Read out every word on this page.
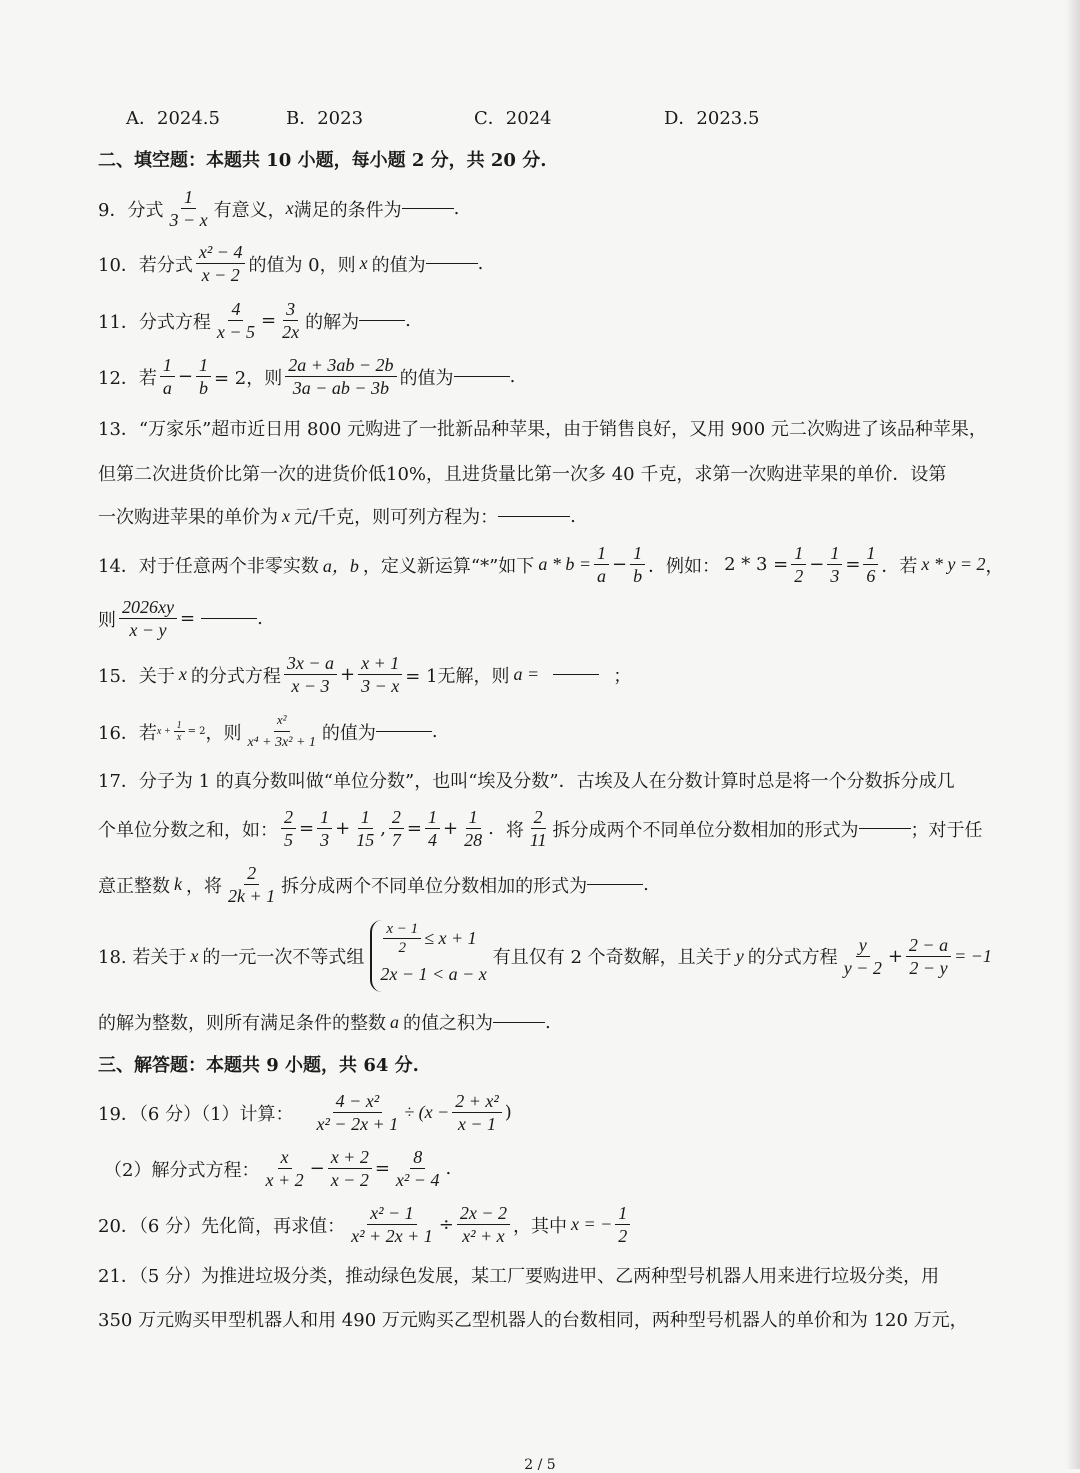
A．2024.5	B．2023	C．2024	D．2023.5
二、填空题：本题共 10 小题，每小题 2 分，共 20 分.
9．分式 $\frac{1}{3 - x}$ 有意义， x 满足的条件为	.
10．若分式 $\frac{\text{x² − 4}}{x - 2}$ 的值为 0，则 x 的值为	.
11．分式方程 $\frac{4}{x - 5} = \frac{3}{2x}$ 的解为	.
12．若 $\frac{1}{a} - \frac{1}{b} = 2$，则 $\frac{2a + 3ab - 2b}{3a - ab - 3b}$ 的值为	.
13．“万家乐”超市近日用 800 元购进了一批新品种苹果，由于销售良好，又用 900 元二次购进了该品种苹果，
但第二次进货价比第一次的进货价低10%，且进货量比第一次多 40 千克，求第一次购进苹果的单价．设第
一次购进苹果的单价为 x 元/千克，则可列方程为：	.
14．对于任意两个非零实数 a，b ，定义新运算“*”如下 $a * b = \frac{1}{a} - \frac{1}{b}$ ．例如： $2 * 3 = \frac{1}{2} - \frac{1}{3} = \frac{1}{6}$ ．若 x * y = 2 ，
则 $\frac{2026xy}{x - y}$ =	.
15．关于 x 的分式方程 $\frac{3x - a}{x - 3} + \frac{x + 1}{3 - x} = 1$无解，则 a =	；
16．若 $x + \frac{1}{x} = 2$ ，则 $\frac{\text{x²}}{\text{x⁴ + 3x² + 1}}$ 的值为	.
17．分子为 1 的真分数叫做“单位分数”，也叫“埃及分数”．古埃及人在分数计算时总是将一个分数拆分成几
个单位分数之和，如： $\frac{2}{5} = \frac{1}{3} + \frac{1}{15}$ , $\frac{2}{7} = \frac{1}{4} + \frac{1}{28}$ . 将 $\frac{2}{11}$ 拆分成两个不同单位分数相加的形式为	；对于任
意正整数 k ，将 $\frac{2}{2k + 1}$ 拆分成两个不同单位分数相加的形式为	.
18. 若关于 x 的一元一次不等式组
$\frac{x - 1}{2} \le x + 1$
2x − 1 < a − x
有且仅有 2 个奇数解，且关于 y 的分式方程 $\frac{y}{y - 2} + \frac{2 - a}{2 - y} = -1$
的解为整数，则所有满足条件的整数 a 的值之积为	.
三、解答题：本题共 9 小题，共 64 分.
19．（6 分）（1）计算： $\frac{\text{4 − x²}}{\text{x² − 2x + 1}} \div (x - \frac{\text{2 + x²}}{x - 1}$ )
（2）解分式方程： $\frac{x}{x + 2} - \frac{x + 2}{x - 2} = \frac{8}{\text{x² − 4}}$ .
20．（6 分）先化简，再求值： $\frac{\text{x² − 1}}{\text{x² + 2x + 1}} \div \frac{2x - 2}{\text{x² + x}}$ ，其中 x = − $\frac{1}{2}$
21．（5 分）为推进垃圾分类，推动绿色发展，某工厂要购进甲、乙两种型号机器人用来进行垃圾分类，用
350 万元购买甲型机器人和用 490 万元购买乙型机器人的台数相同，两种型号机器人的单价和为 120 万元，
2 / 5
